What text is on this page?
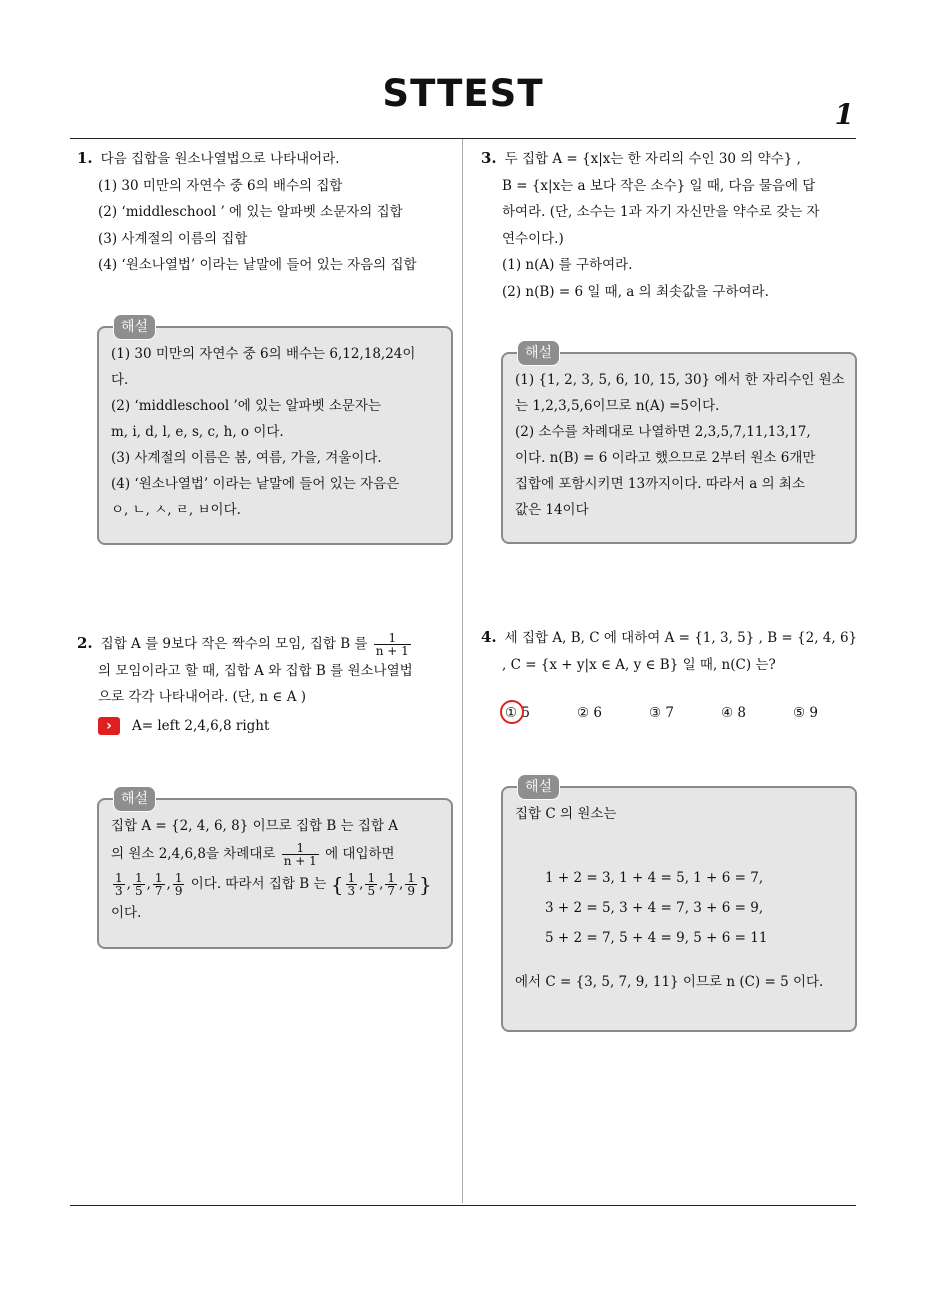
STTEST	1
1. 다음 집합을 원소나열법으로 나타내어라.
(1) 30 미만의 자연수 중 6의 배수의 집합
(2) ‘middleschool ’ 에 있는 알파벳 소문자의 집합
(3) 사계절의 이름의 집합
(4) ‘원소나열법’ 이라는 낱말에 들어 있는 자음의 집합
해설
(1) 30 미만의 자연수 중 6의 배수는 6,12,18,24이
다.
(2) ‘middleschool ’에 있는 알파벳 소문자는
m, i, d, l, e, s, c, h, o 이다.
(3) 사계절의 이름은 봄, 여름, 가을, 겨울이다.
(4) ‘원소나열법’ 이라는 낱말에 들어 있는 자음은
ㅇ, ㄴ, ㅅ, ㄹ, ㅂ이다.
2. 집합 A 를 9보다 작은 짝수의 모임, 집합 B 를 $\frac{1}{n + 1}$
의 모임이라고 할 때, 집합 A 와 집합 B 를 원소나열법
으로 각각 나타내어라. (단, n ∈ A )
› A= left 2,4,6,8 right
해설
집합 A = {2, 4, 6, 8} 이므로 집합 B 는 집합 A
의 원소 2,4,6,8을 차례대로 $\frac{1}{n + 1}$ 에 대입하면
$\frac{1}{3}$ , $\frac{1}{5}$ , $\frac{1}{7}$ , $\frac{1}{9}$ 이다. 따라서 집합 B 는 { $\frac{1}{3}$ , $\frac{1}{5}$ , $\frac{1}{7}$ , $\frac{1}{9}$ }
이다.
3. 두 집합 A = {x|x는 한 자리의 수인 30 의 약수} ,
B = {x|x는 a 보다 작은 소수} 일 때, 다음 물음에 답
하여라. (단, 소수는 1과 자기 자신만을 약수로 갖는 자
연수이다.)
(1) n(A) 를 구하여라.
(2) n(B) = 6 일 때, a 의 최솟값을 구하여라.
해설
(1) {1, 2, 3, 5, 6, 10, 15, 30} 에서 한 자리수인 원소
는 1,2,3,5,6이므로 n(A) =5이다.
(2) 소수를 차례대로 나열하면 2,3,5,7,11,13,17,
이다. n(B) = 6 이라고 했으므로 2부터 원소 6개만
집합에 포함시키면 13까지이다. 따라서 a 의 최소
값은 14이다
4. 세 집합 A, B, C 에 대하여 A = {1, 3, 5} , B = {2, 4, 6}
, C = {x + y|x ∈ A, y ∈ B} 일 때, n(C) 는?
① 5	② 6	③ 7	④ 8	⑤ 9
해설
집합 C 의 원소는
1 + 2 = 3, 1 + 4 = 5, 1 + 6 = 7,
3 + 2 = 5, 3 + 4 = 7, 3 + 6 = 9,
5 + 2 = 7, 5 + 4 = 9, 5 + 6 = 11
에서 C = {3, 5, 7, 9, 11} 이므로 n (C) = 5 이다.
